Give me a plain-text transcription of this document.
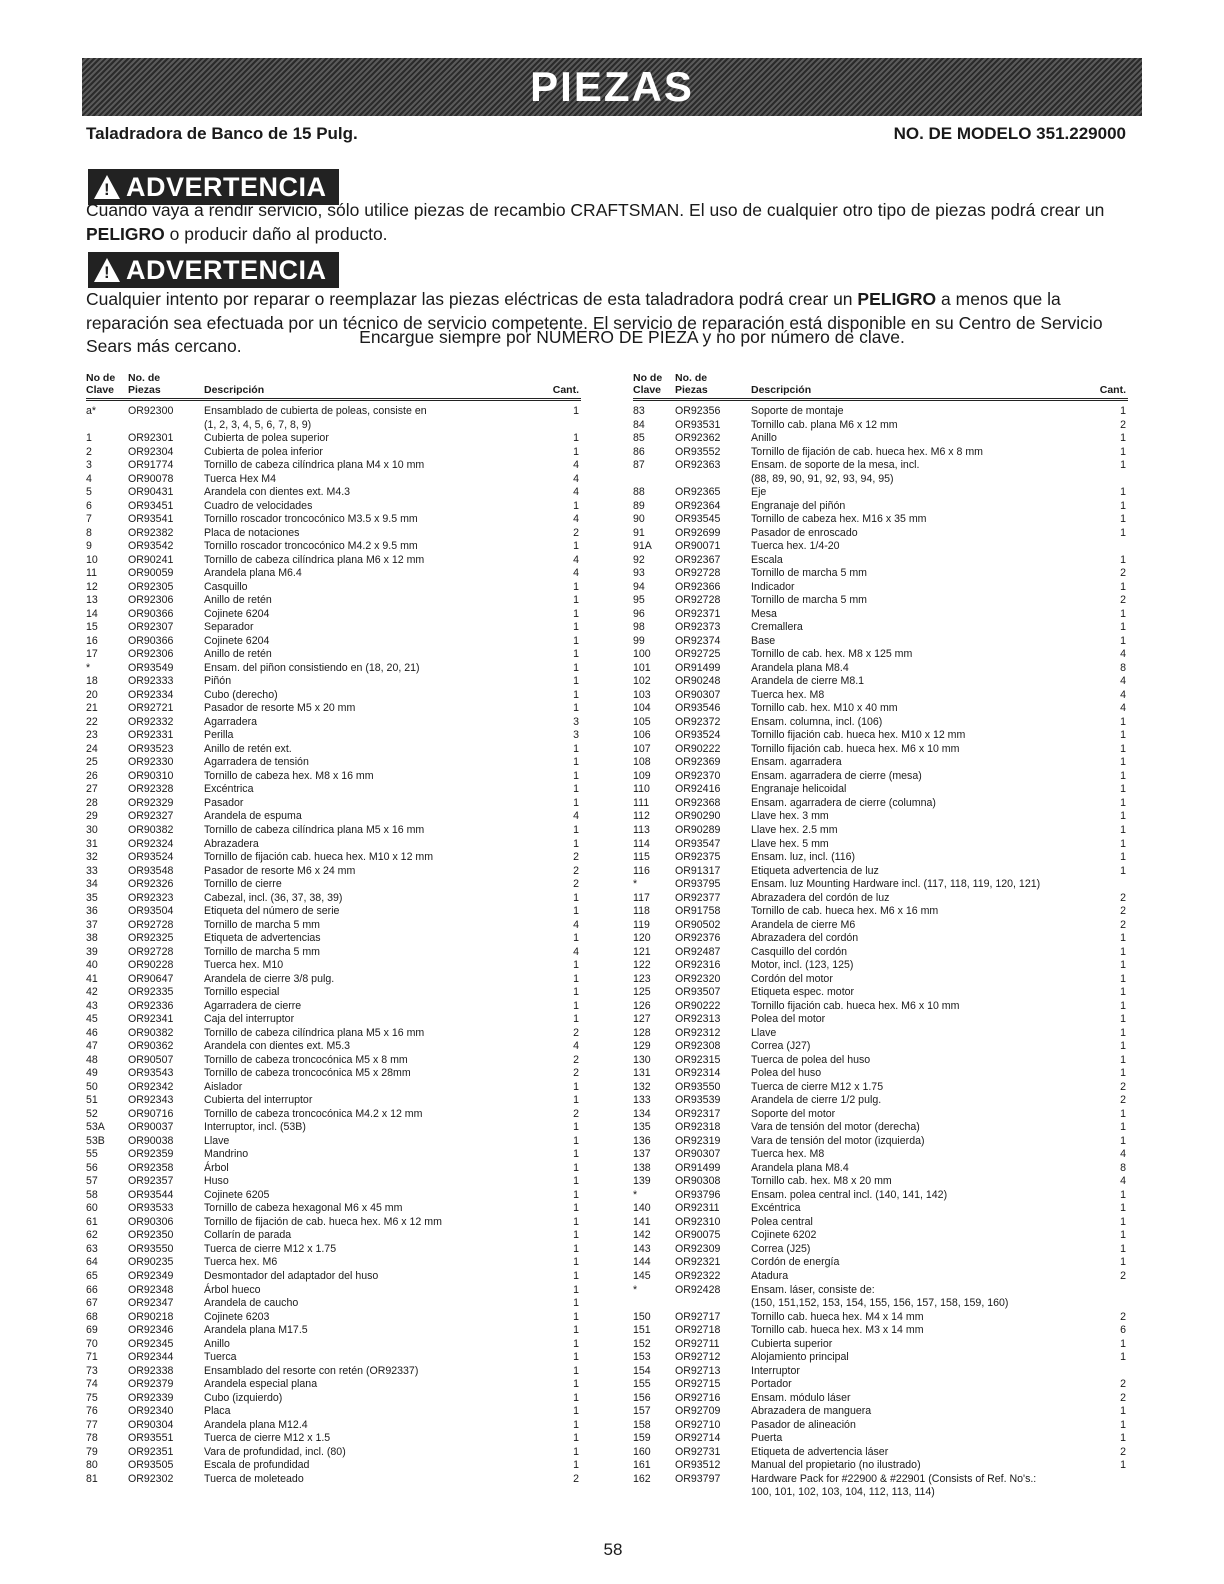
PIEZAS
Taladradora de Banco de 15 Pulg.	NO. DE MODELO 351.229000
! ADVERTENCIA
Cuando vaya a rendir servicio, sólo utilice piezas de recambio CRAFTSMAN. El uso de cualquier otro tipo de piezas podrá crear un PELIGRO o producir daño al producto.
! ADVERTENCIA
Cualquier intento por reparar o reemplazar las piezas eléctricas de esta taladradora podrá crear un PELIGRO a menos que la reparación sea efectuada por un técnico de servicio competente. El servicio de reparación está disponible en su Centro de Servicio Sears más cercano.	Encargue siempre por NÚMERO DE PIEZA y no por número de clave.
No de
Clave
No. de
Piezas	Descripción	Cant.
a*	OR92300	Ensamblado de cubierta de poleas, consiste en	1
(1, 2, 3, 4, 5, 6, 7, 8, 9)
1	OR92301	Cubierta de polea superior	1
2	OR92304	Cubierta de polea inferior	1
3	OR91774	Tornillo de cabeza cilíndrica plana M4 x 10 mm	4
4	OR90078	Tuerca Hex M4	4
5	OR90431	Arandela con dientes ext. M4.3	4
6	OR93451	Cuadro de velocidades	1
7	OR93541	Tornillo roscador troncocónico M3.5 x 9.5 mm	4
8	OR92382	Placa de notaciones	2
9	OR93542	Tornillo roscador troncocónico M4.2 x 9.5 mm	1
10	OR90241	Tornillo de cabeza cilíndrica plana M6 x 12 mm	4
11	OR90059	Arandela plana M6.4	4
12	OR92305	Casquillo	1
13	OR92306	Anillo de retén	1
14	OR90366	Cojinete 6204	1
15	OR92307	Separador	1
16	OR90366	Cojinete 6204	1
17	OR92306	Anillo de retén	1
*	OR93549	Ensam. del piñon consistiendo en (18, 20, 21)	1
18	OR92333	Piñón	1
20	OR92334	Cubo (derecho)	1
21	OR92721	Pasador de resorte M5 x 20 mm	1
22	OR92332	Agarradera	3
23	OR92331	Perilla	3
24	OR93523	Anillo de retén ext.	1
25	OR92330	Agarradera de tensión	1
26	OR90310	Tornillo de cabeza hex. M8 x 16 mm	1
27	OR92328	Excéntrica	1
28	OR92329	Pasador	1
29	OR92327	Arandela de espuma	4
30	OR90382	Tornillo de cabeza cilíndrica plana M5 x 16 mm	1
31	OR92324	Abrazadera	1
32	OR93524	Tornillo de fijación cab. hueca hex. M10 x 12 mm	2
33	OR93548	Pasador de resorte M6 x 24 mm	2
34	OR92326	Tornillo de cierre	2
35	OR92323	Cabezal, incl. (36, 37, 38, 39)	1
36	OR93504	Etiqueta del número de serie	1
37	OR92728	Tornillo de marcha 5 mm	4
38	OR92325	Etiqueta de advertencias	1
39	OR92728	Tornillo de marcha 5 mm	4
40	OR90228	Tuerca hex. M10	1
41	OR90647	Arandela de cierre 3/8 pulg.	1
42	OR92335	Tornillo especial	1
43	OR92336	Agarradera de cierre	1
45	OR92341	Caja del interruptor	1
46	OR90382	Tornillo de cabeza cilíndrica plana M5 x 16 mm	2
47	OR90362	Arandela con dientes ext. M5.3	4
48	OR90507	Tornillo de cabeza troncocónica M5 x 8 mm	2
49	OR93543	Tornillo de cabeza troncocónica M5 x 28mm	2
50	OR92342	Aislador	1
51	OR92343	Cubierta del interruptor	1
52	OR90716	Tornillo de cabeza troncocónica M4.2 x 12 mm	2
53A OR90037	Interruptor, incl. (53B)	1
53B OR90038	Llave	1
55	OR92359	Mandrino	1
56	OR92358	Árbol	1
57	OR92357	Huso	1
58	OR93544	Cojinete 6205	1
60	OR93533	Tornillo de cabeza hexagonal M6 x 45 mm	1
61	OR90306	Tornillo de fijación de cab. hueca hex. M6 x 12 mm	1
62	OR92350	Collarín de parada	1
63	OR93550	Tuerca de cierre M12 x 1.75	1
64	OR90235	Tuerca hex. M6	1
65	OR92349	Desmontador del adaptador del huso	1
66	OR92348	Árbol hueco	1
67	OR92347	Arandela de caucho	1
68	OR90218	Cojinete 6203	1
69	OR92346	Arandela plana M17.5	1
70	OR92345	Anillo	1
71	OR92344	Tuerca	1
73	OR92338	Ensamblado del resorte con retén (OR92337)	1
74	OR92379	Arandela especial plana	1
75	OR92339	Cubo (izquierdo)	1
76	OR92340	Placa	1
77	OR90304	Arandela plana M12.4	1
78	OR93551	Tuerca de cierre M12 x 1.5	1
79	OR92351	Vara de profundidad, incl. (80)	1
80	OR93505	Escala de profundidad	1
81	OR92302	Tuerca de moleteado	2
No de
Clave
No. de
Piezas	Descripción	Cant.
83	OR92356	Soporte de montaje	1
84	OR93531	Tornillo cab. plana M6 x 12 mm	2
85	OR92362	Anillo	1
86	OR93552	Tornillo de fijación de cab. hueca hex. M6 x 8 mm	1
87	OR92363	Ensam. de soporte de la mesa, incl.	1
(88, 89, 90, 91, 92, 93, 94, 95)
88	OR92365	Eje	1
89	OR92364	Engranaje del piñón	1
90	OR93545	Tornillo de cabeza hex. M16 x 35 mm	1
91	OR92699	Pasador de enroscado	1
91A OR90071	Tuerca hex. 1/4-20
92	OR92367	Escala	1
93	OR92728	Tornillo de marcha 5 mm	2
94	OR92366	Indicador	1
95	OR92728	Tornillo de marcha 5 mm	2
96	OR92371	Mesa	1
98	OR92373	Cremallera	1
99	OR92374	Base	1
100 OR92725	Tornillo de cab. hex. M8 x 125 mm	4
101 OR91499	Arandela plana M8.4	8
102 OR90248	Arandela de cierre M8.1	4
103 OR90307	Tuerca hex. M8	4
104 OR93546	Tornillo cab. hex. M10 x 40 mm	4
105 OR92372	Ensam. columna, incl. (106)	1
106 OR93524	Tornillo fijación cab. hueca hex. M10 x 12 mm	1
107 OR90222	Tornillo fijación cab. hueca hex. M6 x 10 mm	1
108 OR92369	Ensam. agarradera	1
109 OR92370	Ensam. agarradera de cierre (mesa)	1
110 OR92416	Engranaje helicoidal	1
111 OR92368	Ensam. agarradera de cierre (columna)	1
112 OR90290	Llave hex. 3 mm	1
113 OR90289	Llave hex. 2.5 mm	1
114 OR93547	Llave hex. 5 mm	1
115 OR92375	Ensam. luz, incl. (116)	1
116 OR91317	Etiqueta advertencia de luz	1
*	OR93795	Ensam. luz Mounting Hardware incl. (117, 118, 119, 120, 121)
117 OR92377	Abrazadera del cordón de luz	2
118 OR91758	Tornillo de cab. hueca hex. M6 x 16 mm	2
119 OR90502	Arandela de cierre M6	2
120 OR92376	Abrazadera del cordón	1
121 OR92487	Casquillo del cordón	1
122 OR92316	Motor, incl. (123, 125)	1
123 OR92320	Cordón del motor	1
125 OR93507	Etiqueta espec. motor	1
126 OR90222	Tornillo fijación cab. hueca hex. M6 x 10 mm	1
127 OR92313	Polea del motor	1
128 OR92312	Llave	1
129 OR92308	Correa (J27)	1
130 OR92315	Tuerca de polea del huso	1
131 OR92314	Polea del huso	1
132 OR93550	Tuerca de cierre M12 x 1.75	2
133 OR93539	Arandela de cierre 1/2 pulg.	2
134 OR92317	Soporte del motor	1
135 OR92318	Vara de tensión del motor (derecha)	1
136 OR92319	Vara de tensión del motor (izquierda)	1
137 OR90307	Tuerca hex. M8	4
138 OR91499	Arandela plana M8.4	8
139 OR90308	Tornillo cab. hex. M8 x 20 mm	4
*	OR93796	Ensam. polea central incl. (140, 141, 142)	1
140 OR92311	Excéntrica	1
141 OR92310	Polea central	1
142 OR90075	Cojinete 6202	1
143 OR92309	Correa (J25)	1
144 OR92321	Cordón de energía	1
145 OR92322	Atadura	2
*	OR92428	Ensam. láser, consiste de:
(150, 151,152, 153, 154, 155, 156, 157, 158, 159, 160)
150 OR92717	Tornillo cab. hueca hex. M4 x 14 mm	2
151 OR92718	Tornillo cab. hueca hex. M3 x 14 mm	6
152 OR92711	Cubierta superior	1
153 OR92712	Alojamiento principal	1
154 OR92713	Interruptor
155 OR92715	Portador	2
156 OR92716	Ensam. módulo láser	2
157 OR92709	Abrazadera de manguera	1
158 OR92710	Pasador de alineación	1
159 OR92714	Puerta	1
160 OR92731	Etiqueta de advertencia láser	2
161 OR93512	Manual del propietario (no ilustrado)	1
162 OR93797	Hardware Pack for #22900 & #22901 (Consists of Ref. No's.:
100, 101, 102, 103, 104, 112, 113, 114)
58
